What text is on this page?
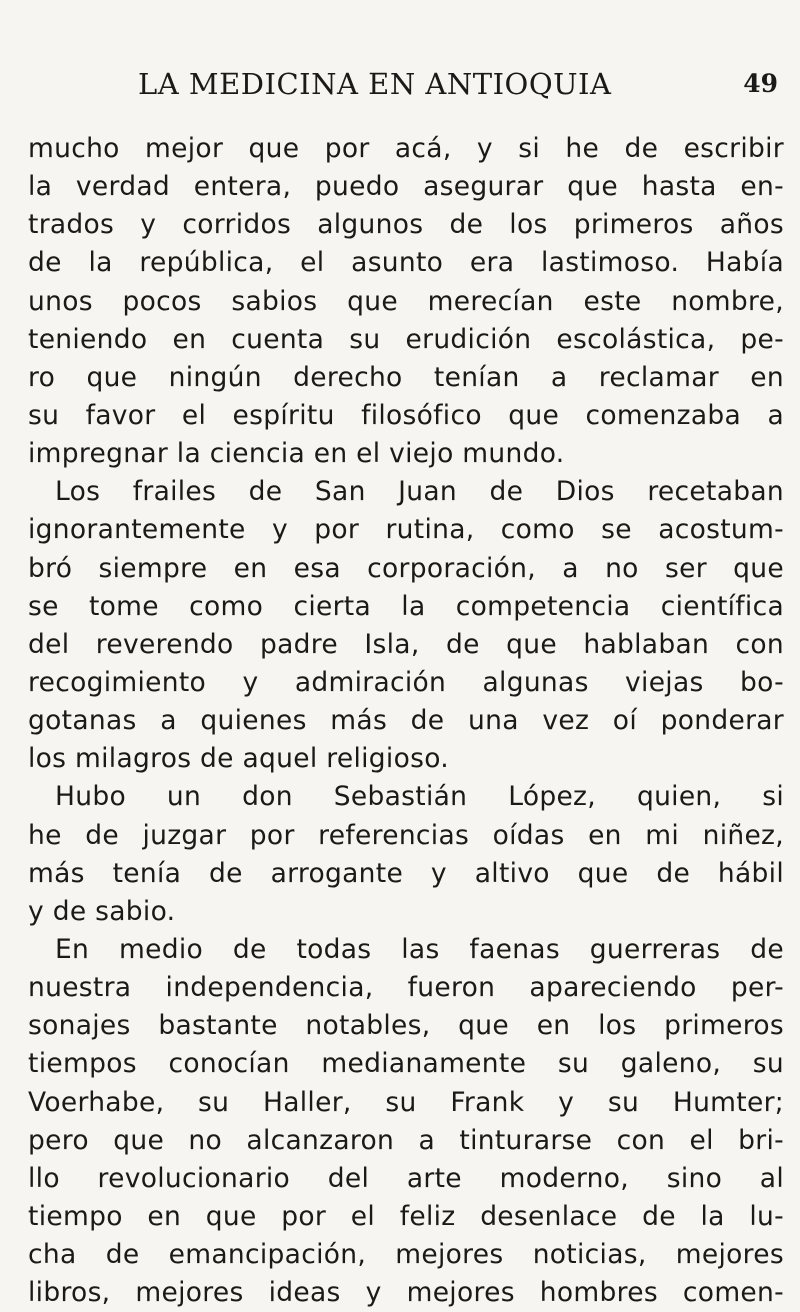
LA MEDICINA EN ANTIOQUIA	49
mucho mejor que por acá, y si he de escribir
la verdad entera, puedo asegurar que hasta en-
trados y corridos algunos de los primeros años
de la república, el asunto era lastimoso. Había
unos pocos sabios que merecían este nombre,
teniendo en cuenta su erudición escolástica, pe-
ro que ningún derecho tenían a reclamar en
su favor el espíritu filosófico que comenzaba a
impregnar la ciencia en el viejo mundo.
Los frailes de San Juan de Dios recetaban
ignorantemente y por rutina, como se acostum-
bró siempre en esa corporación, a no ser que
se tome como cierta la competencia científica
del reverendo padre Isla, de que hablaban con
recogimiento y admiración algunas viejas bo-
gotanas a quienes más de una vez oí ponderar
los milagros de aquel religioso.
Hubo un don Sebastián López, quien, si
he de juzgar por referencias oídas en mi niñez,
más tenía de arrogante y altivo que de hábil
y de sabio.
En medio de todas las faenas guerreras de
nuestra independencia, fueron apareciendo per-
sonajes bastante notables, que en los primeros
tiempos conocían medianamente su galeno, su
Voerhabe, su Haller, su Frank y su Humter;
pero que no alcanzaron a tinturarse con el bri-
llo revolucionario del arte moderno, sino al
tiempo en que por el feliz desenlace de la lu-
cha de emancipación, mejores noticias, mejores
libros, mejores ideas y mejores hombres comen-
